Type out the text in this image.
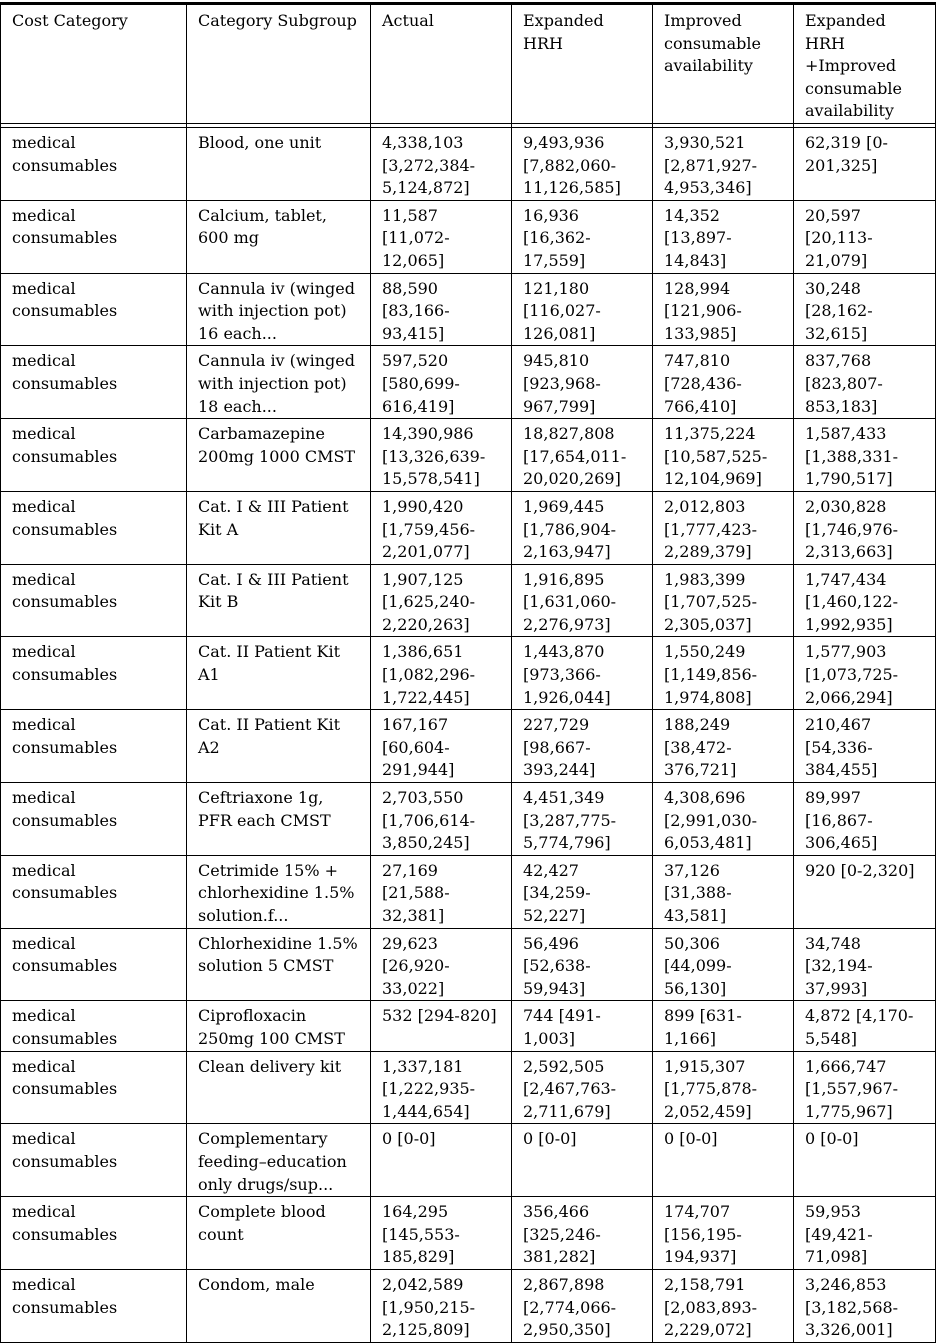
Cost Category	Category Subgroup	Actual	Expanded HRH	Improved consumable availability	Expanded HRH +Improved consumable availability

medical consumables	Blood, one unit	4,338,103 [3,272,384-5,124,872]	9,493,936 [7,882,060-11,126,585]	3,930,521 [2,871,927-4,953,346]	62,319 [0-201,325]
medical consumables	Calcium, tablet, 600 mg	11,587 [11,072-12,065]	16,936 [16,362-17,559]	14,352 [13,897-14,843]	20,597 [20,113-21,079]
medical consumables	Cannula iv (winged with injection pot) 16 each...	88,590 [83,166-93,415]	121,180 [116,027-126,081]	128,994 [121,906-133,985]	30,248 [28,162-32,615]
medical consumables	Cannula iv (winged with injection pot) 18 each...	597,520 [580,699-616,419]	945,810 [923,968-967,799]	747,810 [728,436-766,410]	837,768 [823,807-853,183]
medical consumables	Carbamazepine 200mg 1000 CMST	14,390,986 [13,326,639-15,578,541]	18,827,808 [17,654,011-20,020,269]	11,375,224 [10,587,525-12,104,969]	1,587,433 [1,388,331-1,790,517]
medical consumables	Cat. I & III Patient Kit A	1,990,420 [1,759,456-2,201,077]	1,969,445 [1,786,904-2,163,947]	2,012,803 [1,777,423-2,289,379]	2,030,828 [1,746,976-2,313,663]
medical consumables	Cat. I & III Patient Kit B	1,907,125 [1,625,240-2,220,263]	1,916,895 [1,631,060-2,276,973]	1,983,399 [1,707,525-2,305,037]	1,747,434 [1,460,122-1,992,935]
medical consumables	Cat. II Patient Kit A1	1,386,651 [1,082,296-1,722,445]	1,443,870 [973,366-1,926,044]	1,550,249 [1,149,856-1,974,808]	1,577,903 [1,073,725-2,066,294]
medical consumables	Cat. II Patient Kit A2	167,167 [60,604-291,944]	227,729 [98,667-393,244]	188,249 [38,472-376,721]	210,467 [54,336-384,455]
medical consumables	Ceftriaxone 1g, PFR each CMST	2,703,550 [1,706,614-3,850,245]	4,451,349 [3,287,775-5,774,796]	4,308,696 [2,991,030-6,053,481]	89,997 [16,867-306,465]
medical consumables	Cetrimide 15% + chlorhexidine 1.5% solution.f...	27,169 [21,588-32,381]	42,427 [34,259-52,227]	37,126 [31,388-43,581]	920 [0-2,320]
medical consumables	Chlorhexidine 1.5% solution 5 CMST	29,623 [26,920-33,022]	56,496 [52,638-59,943]	50,306 [44,099-56,130]	34,748 [32,194-37,993]
medical consumables	Ciprofloxacin 250mg 100 CMST	532 [294-820]	744 [491-1,003]	899 [631-1,166]	4,872 [4,170-5,548]
medical consumables	Clean delivery kit	1,337,181 [1,222,935-1,444,654]	2,592,505 [2,467,763-2,711,679]	1,915,307 [1,775,878-2,052,459]	1,666,747 [1,557,967-1,775,967]
medical consumables	Complementary feeding–education only drugs/sup...	0 [0-0]	0 [0-0]	0 [0-0]	0 [0-0]
medical consumables	Complete blood count	164,295 [145,553-185,829]	356,466 [325,246-381,282]	174,707 [156,195-194,937]	59,953 [49,421-71,098]
medical consumables	Condom, male	2,042,589 [1,950,215-2,125,809]	2,867,898 [2,774,066-2,950,350]	2,158,791 [2,083,893-2,229,072]	3,246,853 [3,182,568-3,326,001]
